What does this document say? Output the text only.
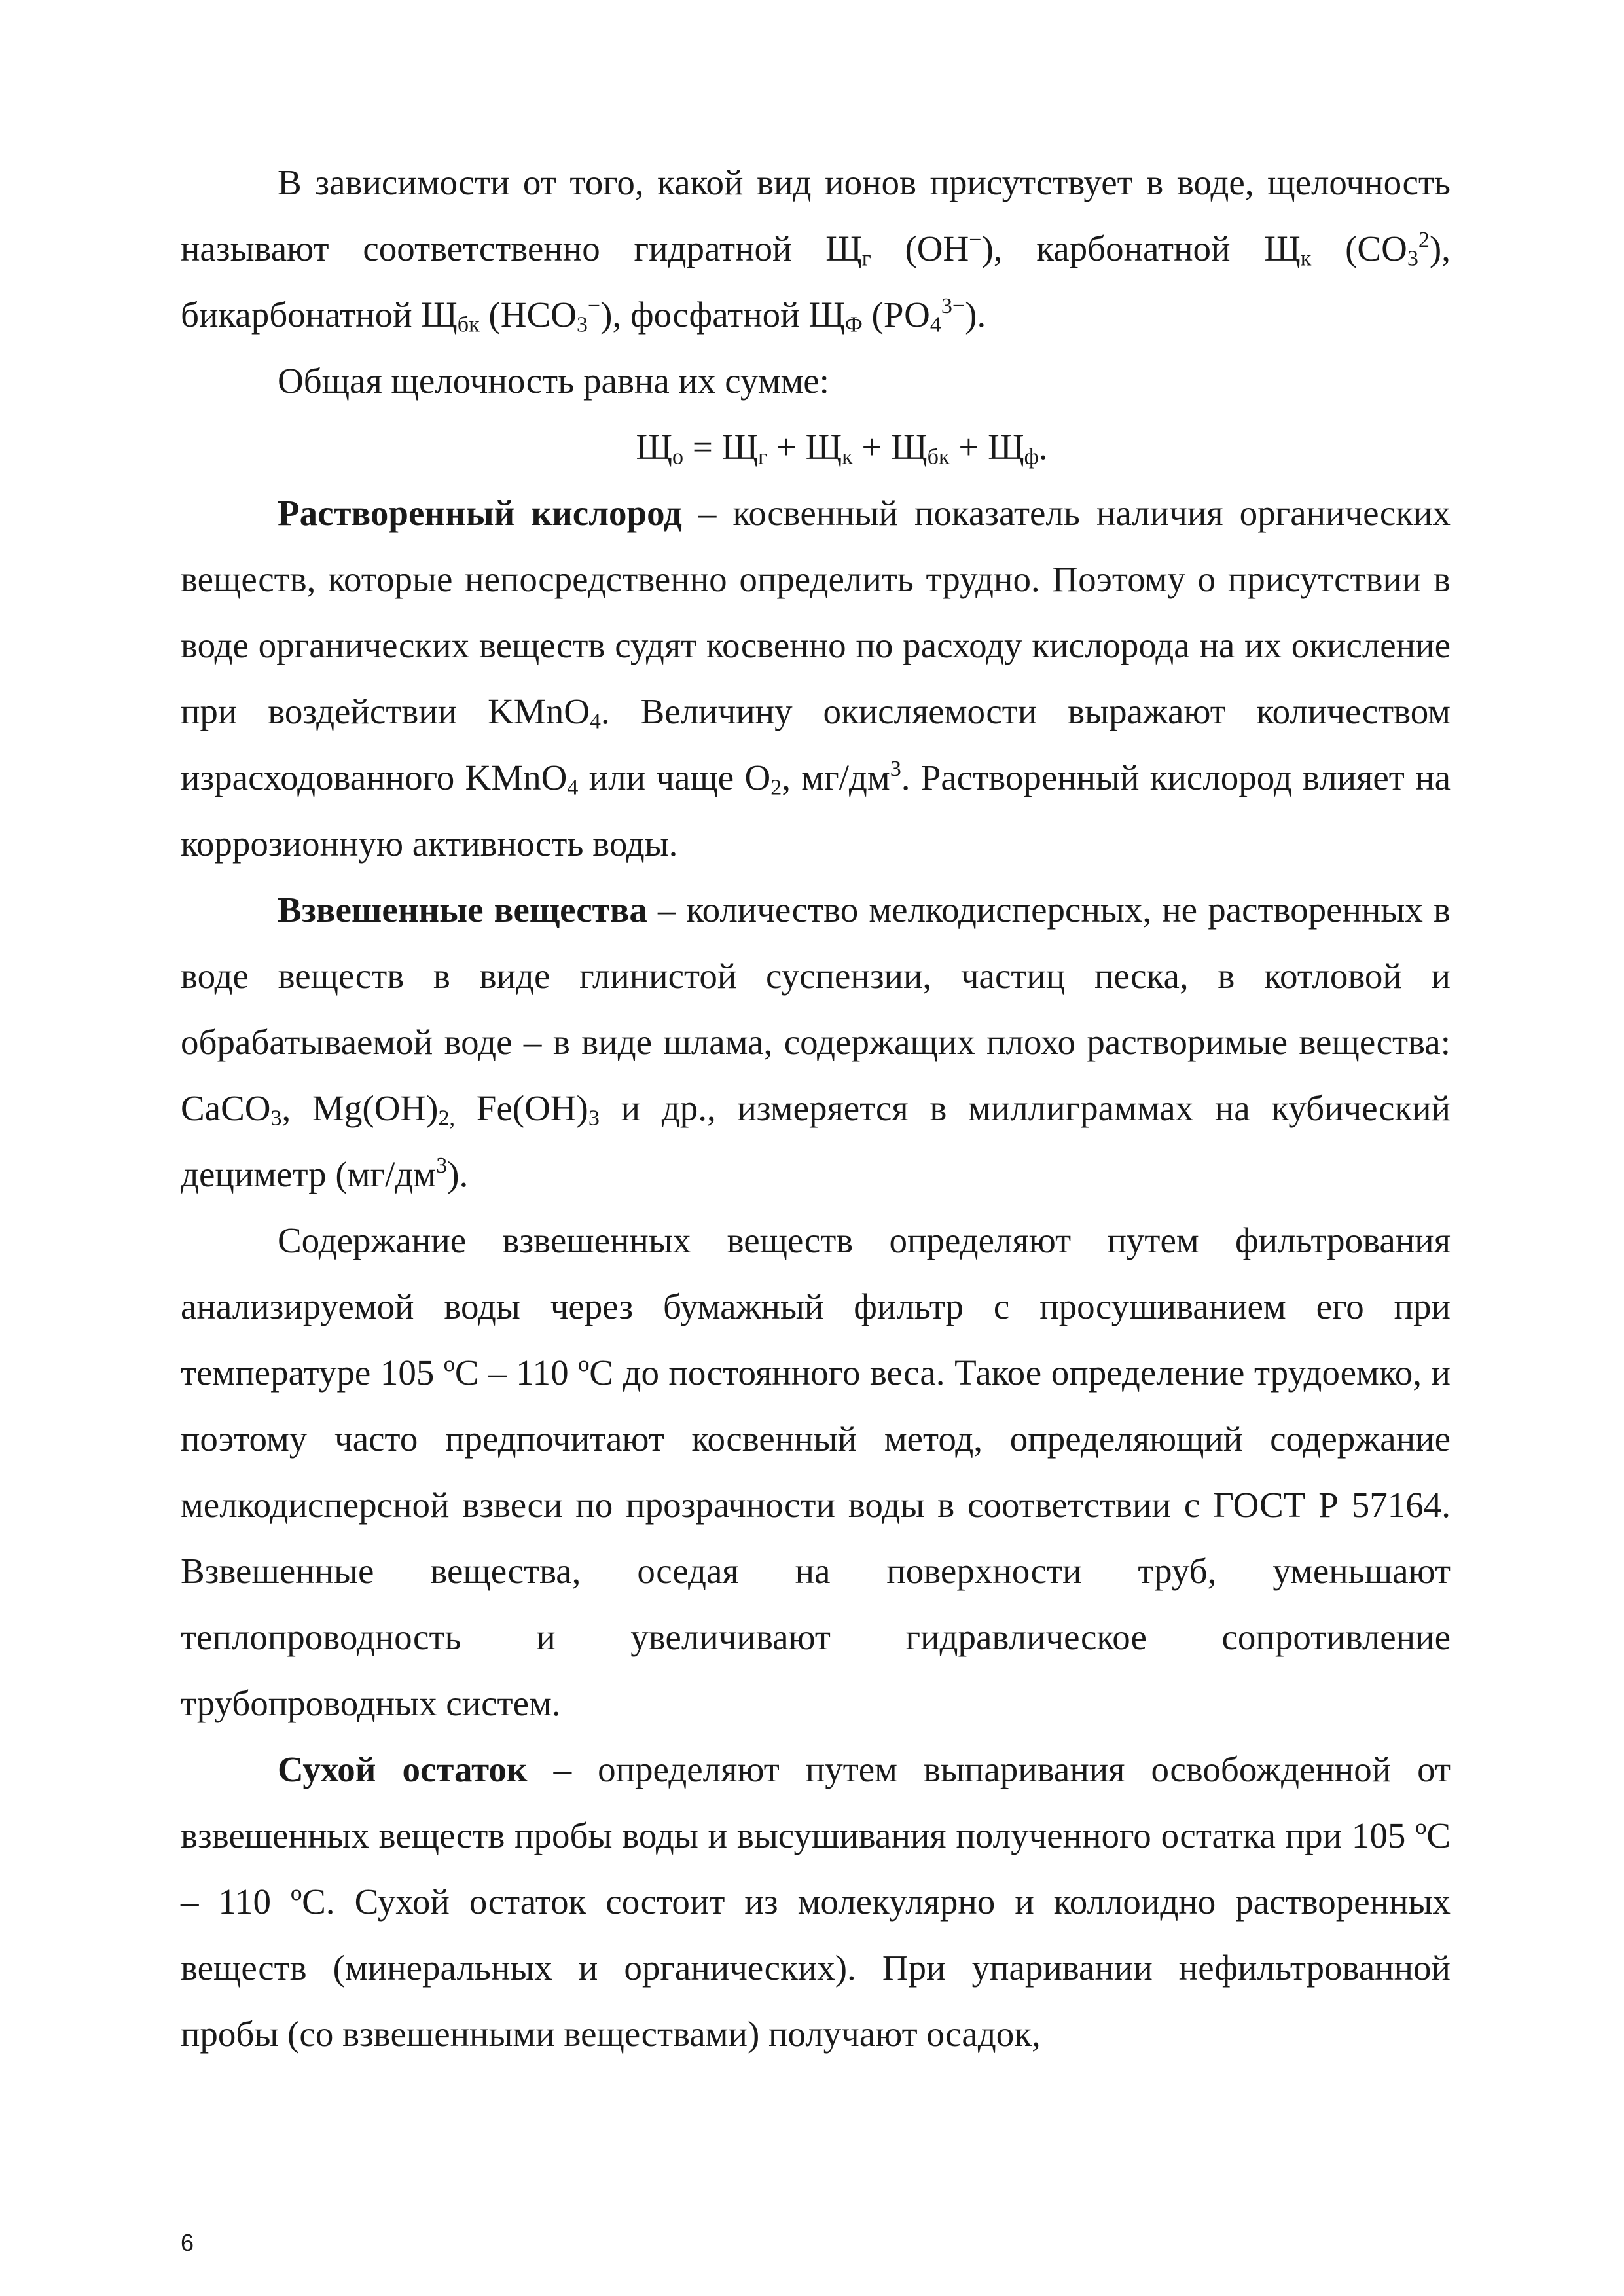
В зависимости от того, какой вид ионов присутствует в воде, щелочность называют соответственно гидратной $Щ_г$ (ОН−), карбонатной $Щ_к$ $(СО_3^2)$, бикарбонатной $Щ_{бк}$ $(НСО_3^-)$, фосфатной $Щ_Ф$ $(РО_4^{3-})$.

Общая щелочность равна их сумме:

$Щ_о = Щ_г + Щ_к + Щ_{бк} + Щ_ф$.

Растворенный кислород – косвенный показатель наличия органических веществ, которые непосредственно определить трудно. Поэтому о присутствии в воде органических веществ судят косвенно по расходу кислорода на их окисление при воздействии KMnO$_4$. Величину окисляемости выражают количеством израсходованного KMnO$_4$ или чаще $O_2$, $мг/дм^3$. Растворенный кислород влияет на коррозионную активность воды.

Взвешенные вещества – количество мелкодисперсных, не растворенных в воде веществ в виде глинистой суспензии, частиц песка, в котловой и обрабатываемой воде – в виде шлама, содержащих плохо растворимые вещества: CaCO$_3$, $Mg(OH)_{2,}$ $Fe(OH)_3$ и др., измеряется в миллиграммах на кубический дециметр $(мг/дм^3)$.

Содержание взвешенных веществ определяют путем фильтрования анализируемой воды через бумажный фильтр с просушиванием его при температуре 105 ºС – 110 ºС до постоянного веса. Такое определение трудоемко, и поэтому часто предпочитают косвенный метод, определяющий содержание мелкодисперсной взвеси по прозрачности воды в соответствии с ГОСТ Р 57164. Взвешенные вещества, оседая на поверхности труб, уменьшают теплопроводность и увеличивают гидравлическое сопротивление трубопроводных систем.

Сухой остаток – определяют путем выпаривания освобожденной от взвешенных веществ пробы воды и высушивания полученного остатка при 105 ºС – 110 ºС. Сухой остаток состоит из молекулярно и коллоидно растворенных веществ (минеральных и органических). При упаривании нефильтрованной пробы (со взвешенными веществами) получают осадок,

6
